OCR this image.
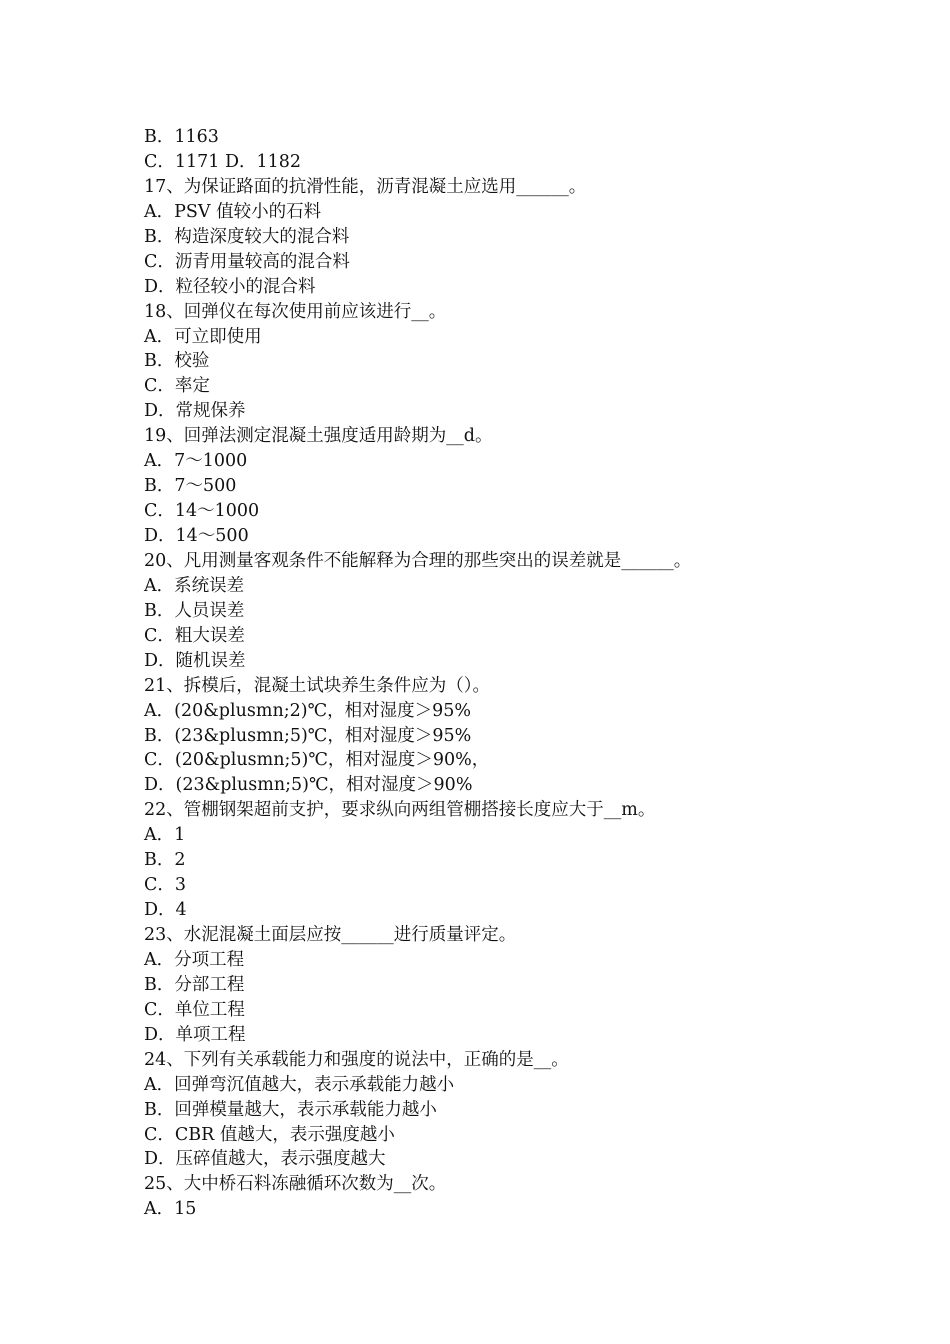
B．1163
C．1171 D．1182
17、为保证路面的抗滑性能，沥青混凝土应选用______。
A．PSV 值较小的石料
B．构造深度较大的混合料
C．沥青用量较高的混合料
D．粒径较小的混合料
18、回弹仪在每次使用前应该进行__。
A．可立即使用
B．校验
C．率定
D．常规保养
19、回弹法测定混凝土强度适用龄期为__d。
A．7～1000
B．7～500
C．14～1000
D．14～500
20、凡用测量客观条件不能解释为合理的那些突出的误差就是______。
A．系统误差
B．人员误差
C．粗大误差
D．随机误差
21、拆模后，混凝土试块养生条件应为（）。
A．(20&plusmn;2)℃，相对湿度＞95%
B．(23&plusmn;5)℃，相对湿度＞95%
C．(20&plusmn;5)℃，相对湿度＞90%，
D．(23&plusmn;5)℃，相对湿度＞90%
22、管棚钢架超前支护，要求纵向两组管棚搭接长度应大于__m。
A．1
B．2
C．3
D．4
23、水泥混凝土面层应按______进行质量评定。
A．分项工程
B．分部工程
C．单位工程
D．单项工程
24、下列有关承载能力和强度的说法中，正确的是__。
A．回弹弯沉值越大，表示承载能力越小
B．回弹模量越大，表示承载能力越小
C．CBR 值越大，表示强度越小
D．压碎值越大，表示强度越大
25、大中桥石料冻融循环次数为__次。
A．15
